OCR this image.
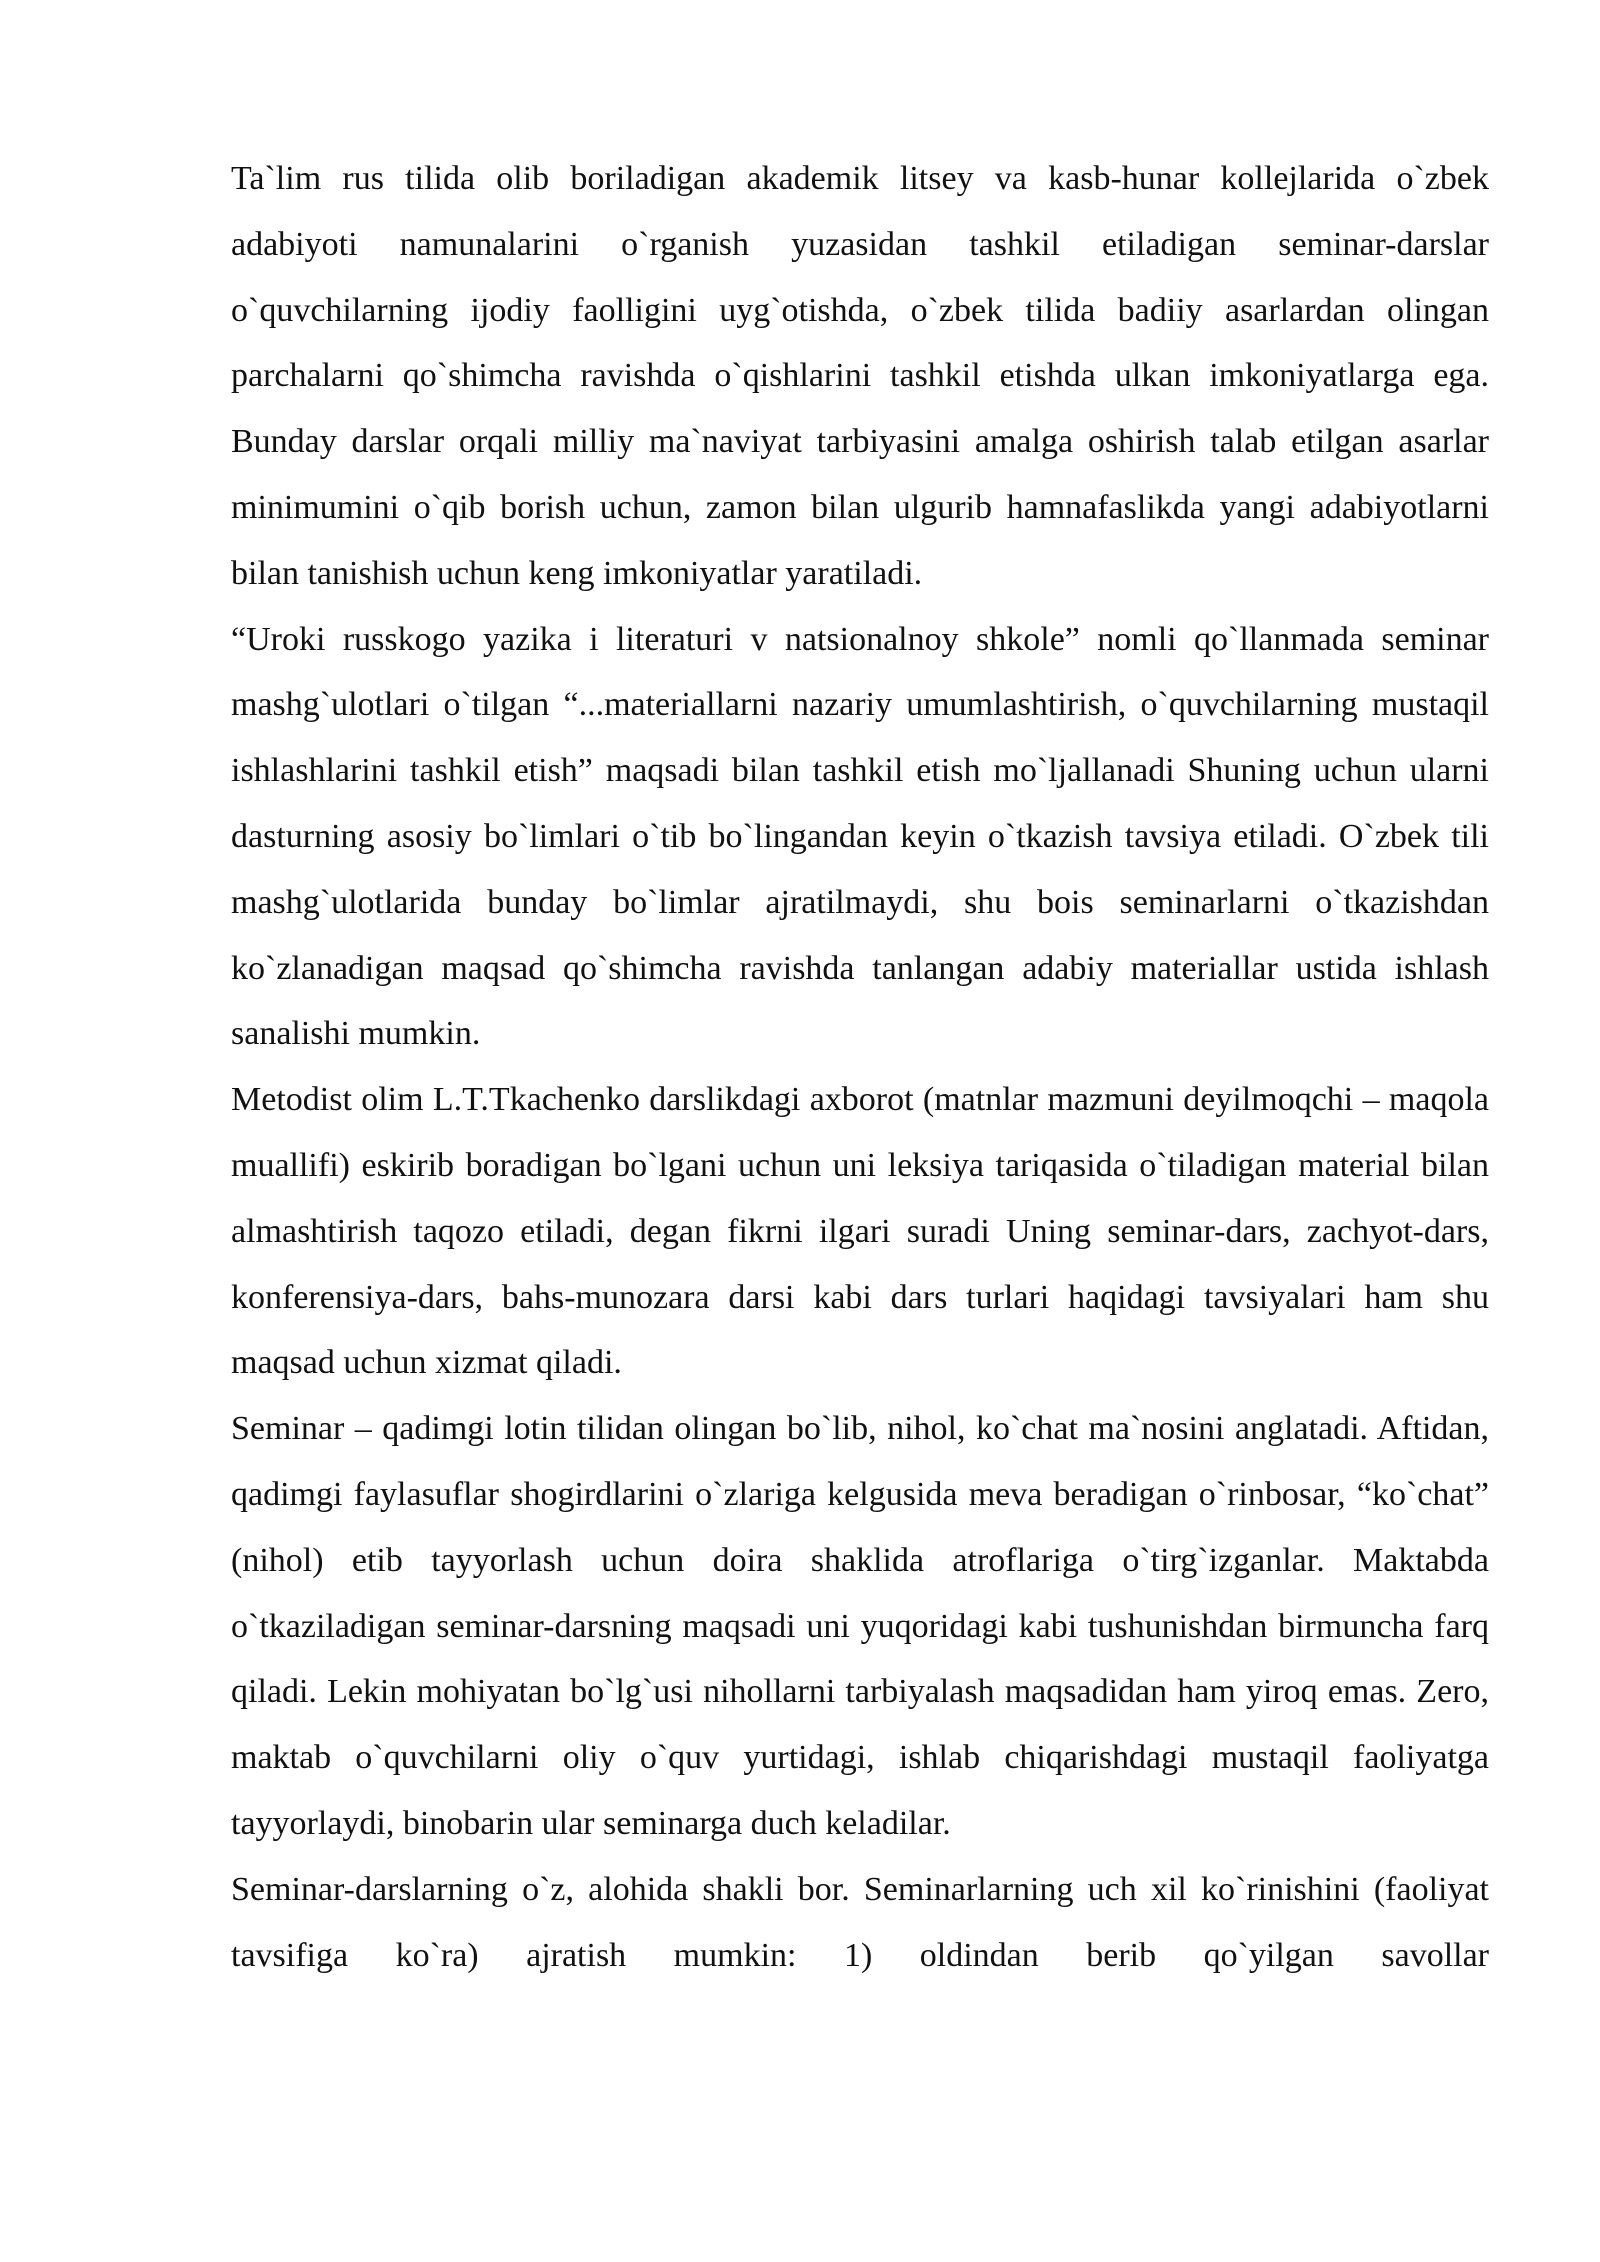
Ta`lim rus tilida olib boriladigan akademik litsey va kasb-hunar kollejlarida o`zbek adabiyoti namunalarini o`rganish yuzasidan tashkil etiladigan seminar-darslar o`quvchilarning ijodiy faolligini uyg`otishda, o`zbek tilida badiiy asarlardan olingan parchalarni qo`shimcha ravishda o`qishlarini tashkil etishda ulkan imkoniyatlarga ega. Bunday darslar orqali milliy ma`naviyat tarbiyasini amalga oshirish talab etilgan asarlar minimumini o`qib borish uchun, zamon bilan ulgurib hamnafaslikda yangi adabiyotlarni bilan tanishish uchun keng imkoniyatlar yaratiladi.

“Uroki russkogo yazika i literaturi v natsionalnoy shkole” nomli qo`llanmada seminar mashg`ulotlari o`tilgan “...materiallarni nazariy umumlashtirish, o`quvchilarning mustaqil ishlashlarini tashkil etish” maqsadi bilan tashkil etish mo`ljallanadi Shuning uchun ularni dasturning asosiy bo`limlari o`tib bo`lingandan keyin o`tkazish tavsiya etiladi. O`zbek tili mashg`ulotlarida bunday bo`limlar ajratilmaydi, shu bois seminarlarni o`tkazishdan ko`zlanadigan maqsad qo`shimcha ravishda tanlangan adabiy materiallar ustida ishlash sanalishi mumkin.

Metodist olim L.T.Tkachenko darslikdagi axborot (matnlar mazmuni deyilmoqchi – maqola muallifi) eskirib boradigan bo`lgani uchun uni leksiya tariqasida o`tiladigan material bilan almashtirish taqozo etiladi, degan fikrni ilgari suradi Uning seminar-dars, zachyot-dars, konferensiya-dars, bahs-munozara darsi kabi dars turlari haqidagi tavsiyalari ham shu maqsad uchun xizmat qiladi.

Seminar – qadimgi lotin tilidan olingan bo`lib, nihol, ko`chat ma`nosini anglatadi. Aftidan, qadimgi faylasuflar shogirdlarini o`zlariga kelgusida meva beradigan o`rinbosar, “ko`chat” (nihol) etib tayyorlash uchun doira shaklida atroflariga o`tirg`izganlar. Maktabda o`tkaziladigan seminar-darsning maqsadi uni yuqoridagi kabi tushunishdan birmuncha farq qiladi. Lekin mohiyatan bo`lg`usi nihollarni tarbiyalash maqsadidan ham yiroq emas. Zero, maktab o`quvchilarni oliy o`quv yurtidagi, ishlab chiqarishdagi mustaqil faoliyatga tayyorlaydi, binobarin ular seminarga duch keladilar.

Seminar-darslarning o`z, alohida shakli bor. Seminarlarning uch xil ko`rinishini (faoliyat tavsifiga ko`ra) ajratish mumkin: 1) oldindan berib qo`yilgan savollar
